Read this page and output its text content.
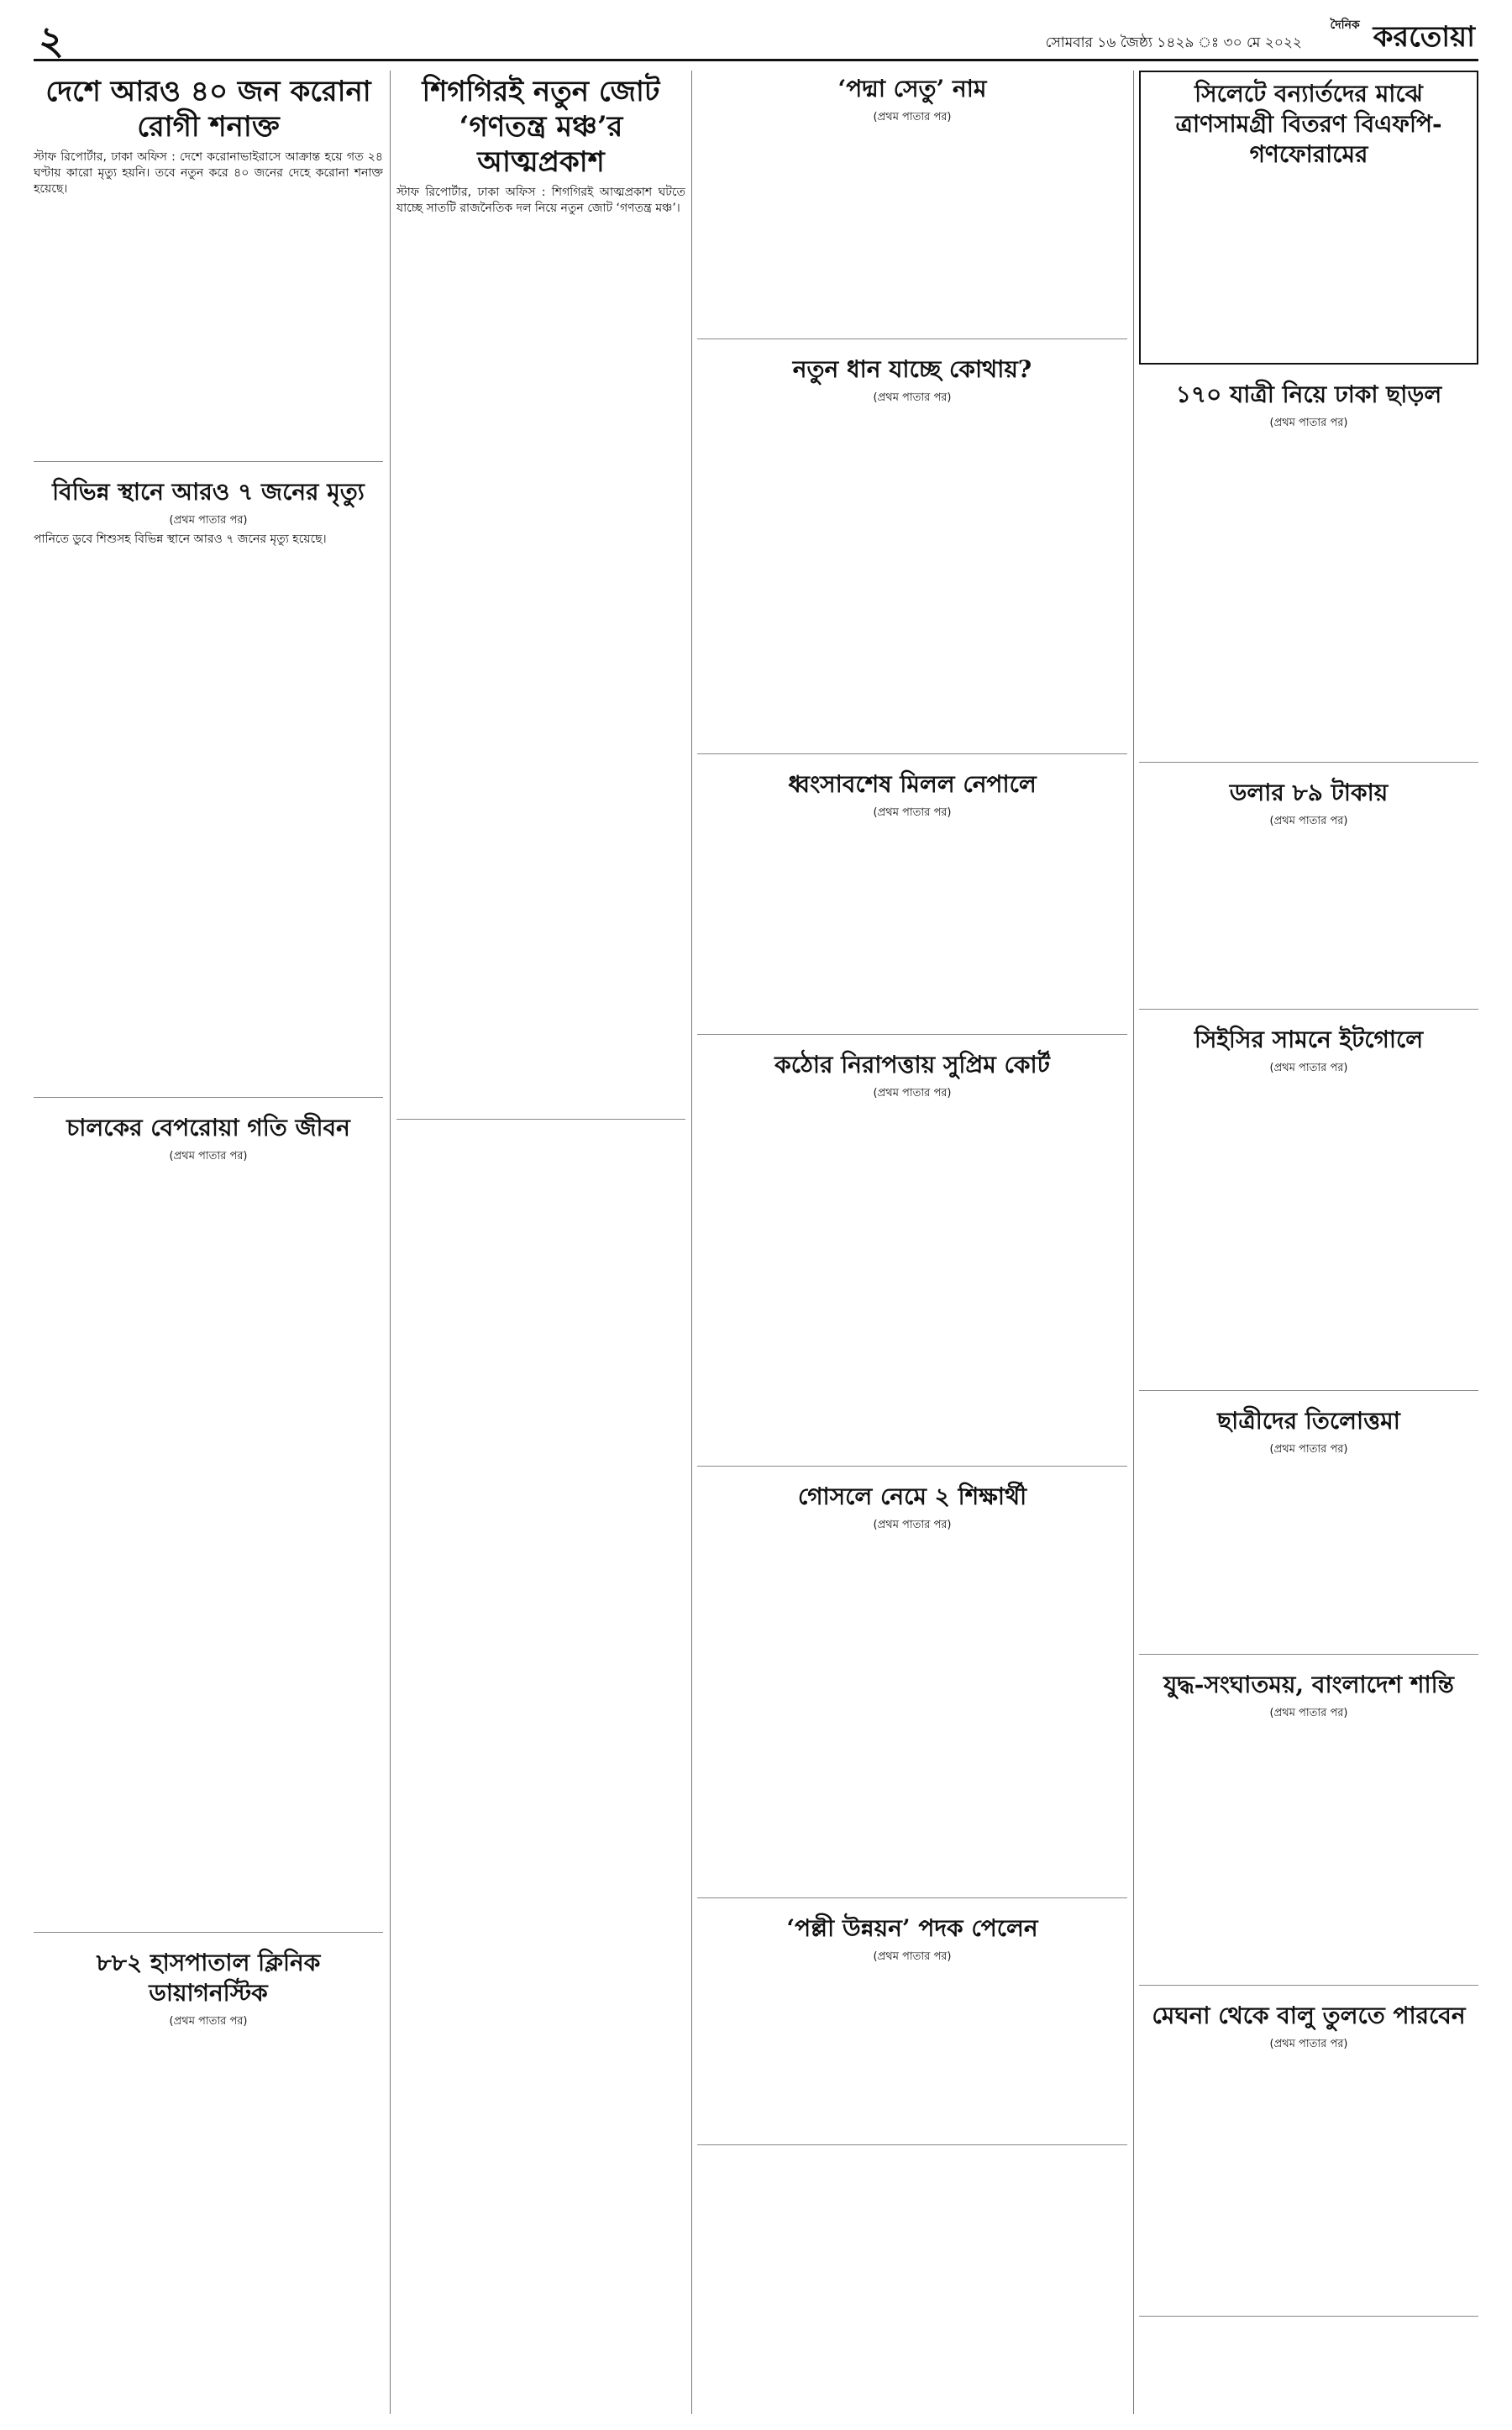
২	সোমবার ১৬ জৈষ্ঠ্য ১৪২৯ ঃ ৩০ মে ২০২২
$^{দৈনিক}$ করতোয়া
দেশে আরও ৪০ জন করোনা রোগী শনাক্ত

স্টাফ রিপোর্টার, ঢাকা অফিস : দেশে করোনাভাইরাসে আক্রান্ত হয়ে গত ২৪ ঘণ্টায় কারো মৃত্যু হয়নি। তবে নতুন করে ৪০ জনের দেহে করোনা শনাক্ত হয়েছে।

বিভিন্ন স্থানে আরও ৭ জনের মৃত্যু
(প্রথম পাতার পর)

পানিতে ডুবে শিশুসহ বিভিন্ন স্থানে আরও ৭ জনের মৃত্যু হয়েছে।

চালকের বেপরোয়া গতি জীবন
(প্রথম পাতার পর)
৮৮২ হাসপাতাল ক্লিনিক ডায়াগনস্টিক
(প্রথম পাতার পর)
শিগগিরই নতুন জোট ‘গণতন্ত্র মঞ্চ’র আত্মপ্রকাশ

স্টাফ রিপোর্টার, ঢাকা অফিস : শিগগিরই আত্মপ্রকাশ ঘটতে যাচ্ছে সাতটি রাজনৈতিক দল নিয়ে নতুন জোট ‘গণতন্ত্র মঞ্চ’।

‘পদ্মা সেতু’ নাম
(প্রথম পাতার পর)
নতুন ধান যাচ্ছে কোথায়?
(প্রথম পাতার পর)
ধ্বংসাবশেষ মিলল নেপালে
(প্রথম পাতার পর)
কঠোর নিরাপত্তায় সুপ্রিম কোর্ট
(প্রথম পাতার পর)
গোসলে নেমে ২ শিক্ষার্থী
(প্রথম পাতার পর)
‘পল্লী উন্নয়ন’ পদক পেলেন
(প্রথম পাতার পর)
সিলেটে বন্যার্তদের মাঝে ত্রাণসামগ্রী বিতরণ বিএফপি-গণফোরামের
১৭০ যাত্রী নিয়ে ঢাকা ছাড়ল
(প্রথম পাতার পর)
ডলার ৮৯ টাকায়
(প্রথম পাতার পর)
সিইসির সামনে ইটগোলে
(প্রথম পাতার পর)
ছাত্রীদের তিলোত্তমা
(প্রথম পাতার পর)
যুদ্ধ-সংঘাতময়, বাংলাদেশ শান্তি
(প্রথম পাতার পর)
মেঘনা থেকে বালু তুলতে পারবেন
(প্রথম পাতার পর)
